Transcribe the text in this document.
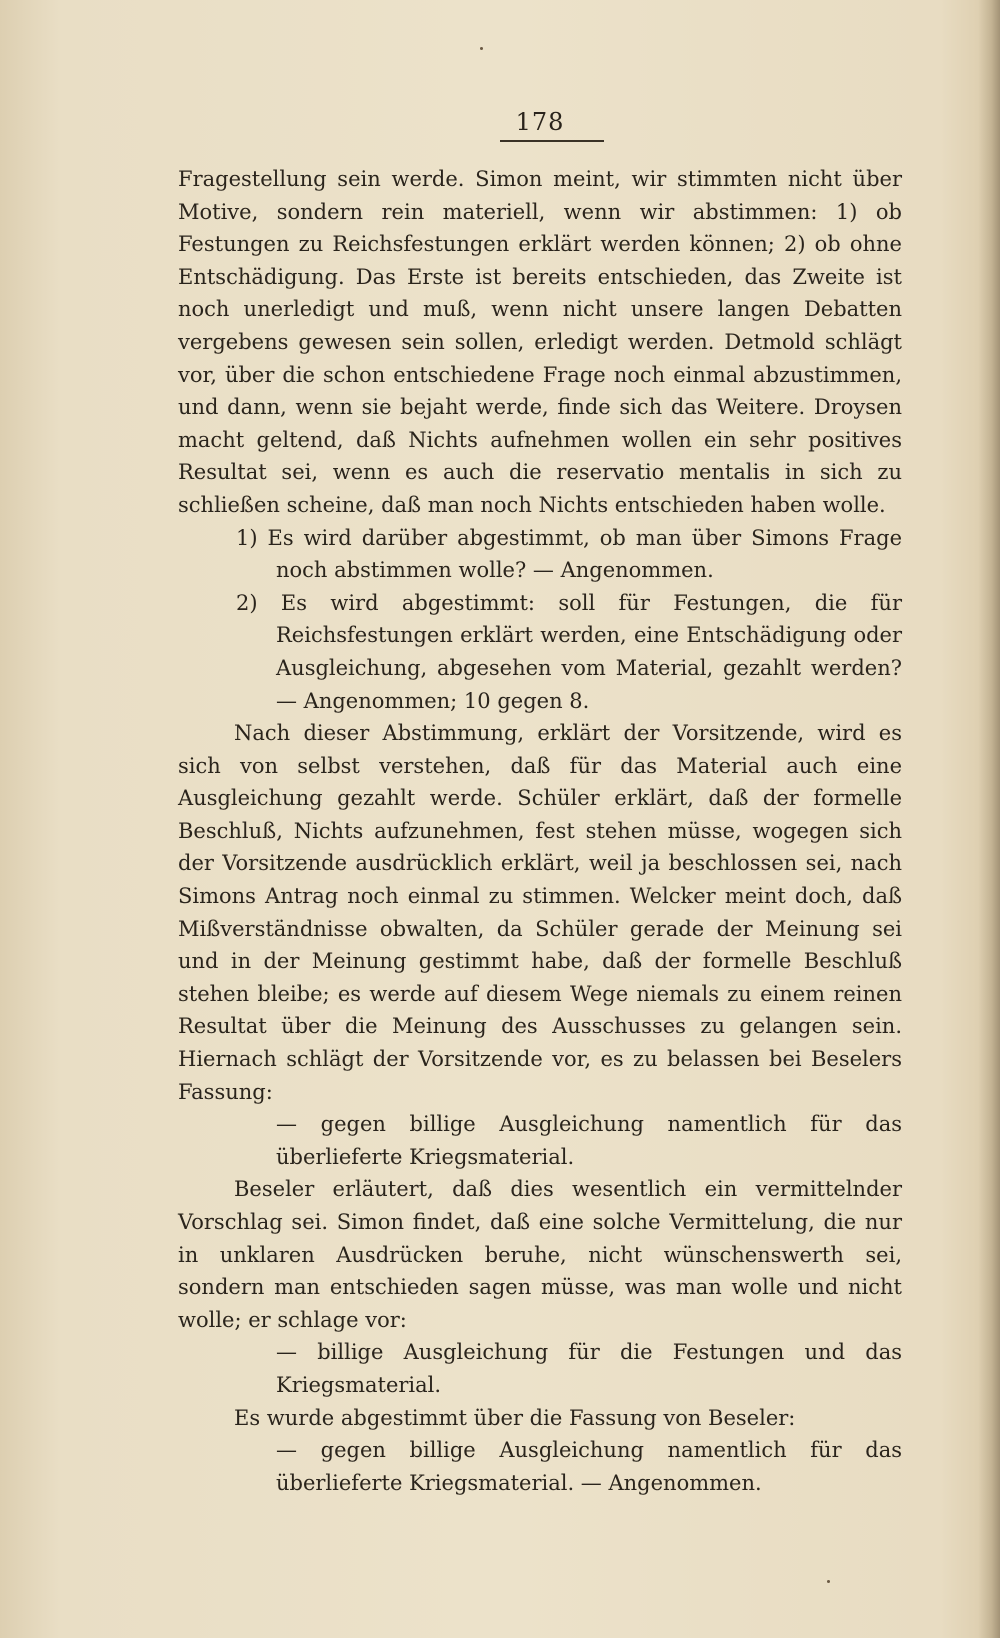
178

Fragestellung sein werde. Simon meint, wir stimmten nicht über Motive, sondern rein materiell, wenn wir abstimmen: 1) ob Festungen zu Reichsfestungen erklärt werden können; 2) ob ohne Entschädigung. Das Erste ist bereits entschieden, das Zweite ist noch unerledigt und muß, wenn nicht unsere langen Debatten vergebens gewesen sein sollen, erledigt werden. Detmold schlägt vor, über die schon entschiedene Frage noch einmal abzustimmen, und dann, wenn sie bejaht werde, finde sich das Weitere. Droysen macht geltend, daß Nichts aufnehmen wollen ein sehr positives Resultat sei, wenn es auch die reservatio mentalis in sich zu schließen scheine, daß man noch Nichts entschieden haben wolle.

1) Es wird darüber abgestimmt, ob man über Simons Frage noch abstimmen wolle? — Angenommen.

2) Es wird abgestimmt: soll für Festungen, die für Reichsfestungen erklärt werden, eine Entschädigung oder Ausgleichung, abgesehen vom Material, gezahlt werden? — Angenommen; 10 gegen 8.

Nach dieser Abstimmung, erklärt der Vorsitzende, wird es sich von selbst verstehen, daß für das Material auch eine Ausgleichung gezahlt werde. Schüler erklärt, daß der formelle Beschluß, Nichts aufzunehmen, fest stehen müsse, wogegen sich der Vorsitzende ausdrücklich erklärt, weil ja beschlossen sei, nach Simons Antrag noch einmal zu stimmen. Welcker meint doch, daß Mißverständnisse obwalten, da Schüler gerade der Meinung sei und in der Meinung gestimmt habe, daß der formelle Beschluß stehen bleibe; es werde auf diesem Wege niemals zu einem reinen Resultat über die Meinung des Ausschusses zu gelangen sein. Hiernach schlägt der Vorsitzende vor, es zu belassen bei Beselers Fassung:

— gegen billige Ausgleichung namentlich für das überlieferte Kriegsmaterial.

Beseler erläutert, daß dies wesentlich ein vermittelnder Vorschlag sei. Simon findet, daß eine solche Vermittelung, die nur in unklaren Ausdrücken beruhe, nicht wünschenswerth sei, sondern man entschieden sagen müsse, was man wolle und nicht wolle; er schlage vor:

— billige Ausgleichung für die Festungen und das Kriegsmaterial.

Es wurde abgestimmt über die Fassung von Beseler:

— gegen billige Ausgleichung namentlich für das überlieferte Kriegsmaterial. — Angenommen.
